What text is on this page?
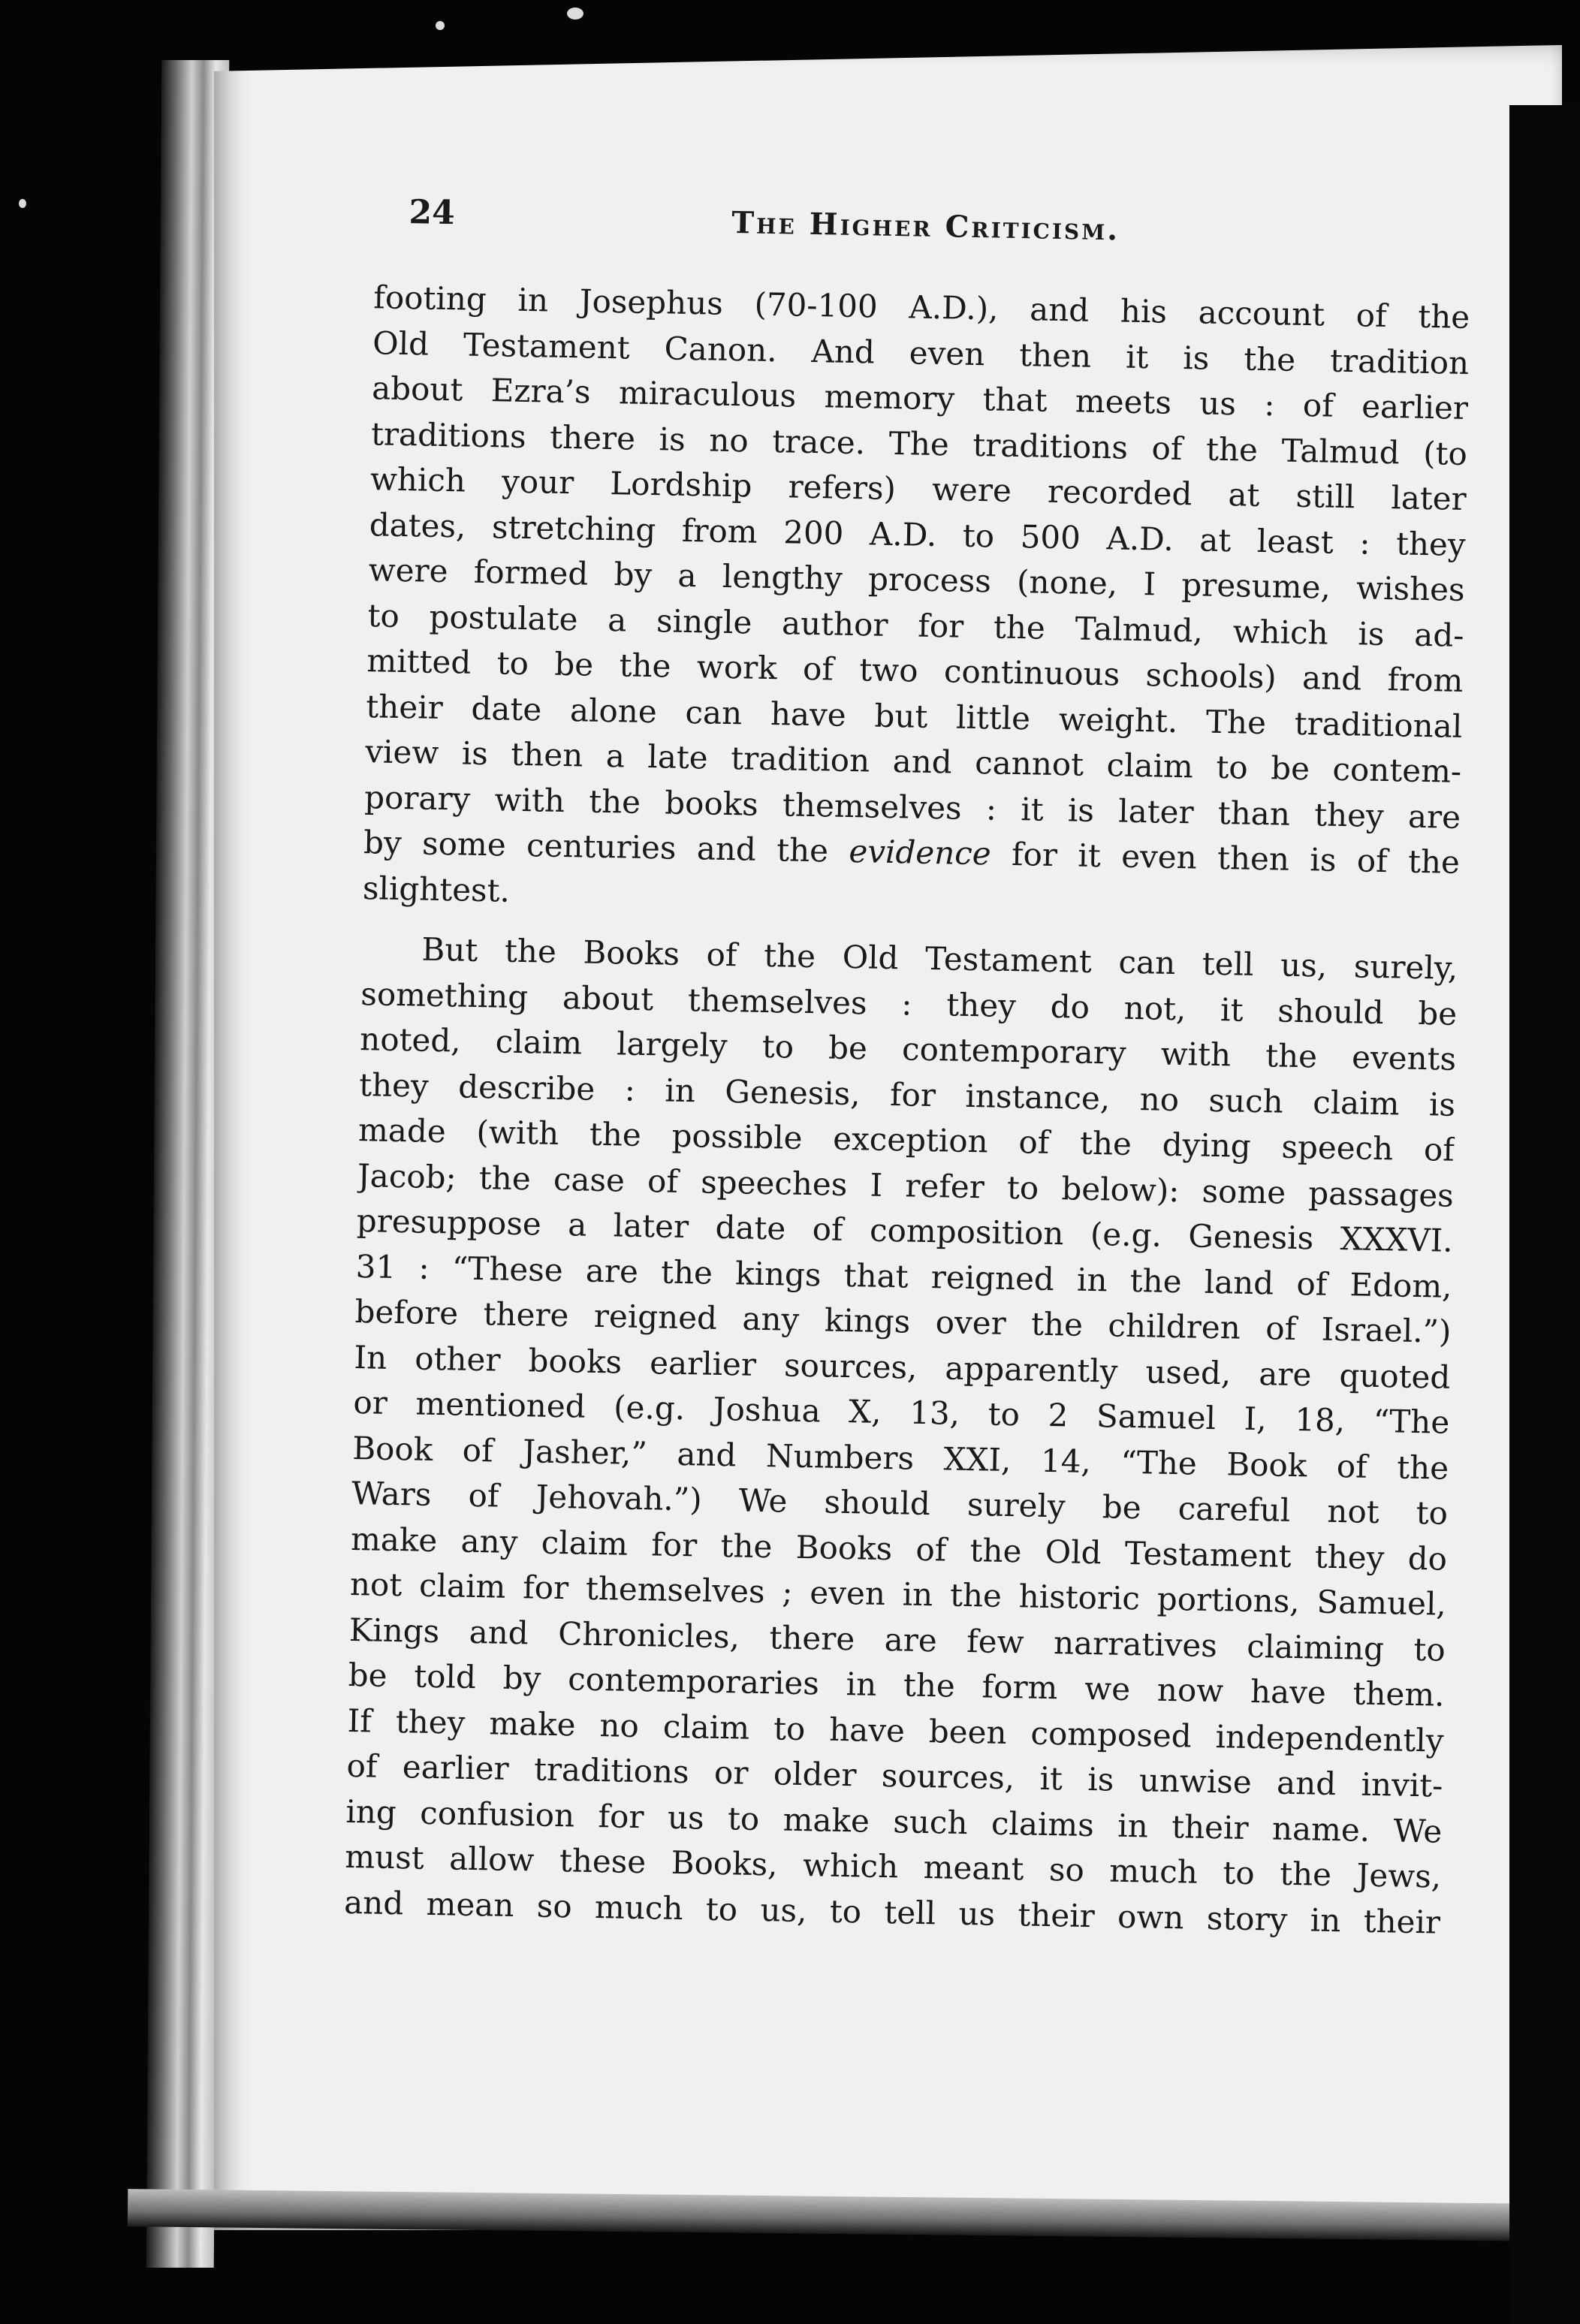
24	The Higher Criticism.

footing in Josephus (70-100 A.D.), and his account of the
Old Testament Canon. And even then it is the tradition
about Ezra’s miraculous memory that meets us : of earlier
traditions there is no trace. The traditions of the Talmud (to
which your Lordship refers) were recorded at still later
dates, stretching from 200 A.D. to 500 A.D. at least : they
were formed by a lengthy process (none, I presume, wishes
to postulate a single author for the Talmud, which is ad-
mitted to be the work of two continuous schools) and from
their date alone can have but little weight. The traditional
view is then a late tradition and cannot claim to be contem-
porary with the books themselves : it is later than they are
by some centuries and the evidence for it even then is of the
slightest.

But the Books of the Old Testament can tell us, surely,
something about themselves : they do not, it should be
noted, claim largely to be contemporary with the events
they describe : in Genesis, for instance, no such claim is
made (with the possible exception of the dying speech of
Jacob; the case of speeches I refer to below): some passages
presuppose a later date of composition (e.g. Genesis XXXVI.
31 : “These are the kings that reigned in the land of Edom,
before there reigned any kings over the children of Israel.”)
In other books earlier sources, apparently used, are quoted
or mentioned (e.g. Joshua X, 13, to 2 Samuel I, 18, “The
Book of Jasher,” and Numbers XXI, 14, “The Book of the
Wars of Jehovah.”) We should surely be careful not to
make any claim for the Books of the Old Testament they do
not claim for themselves ; even in the historic portions, Samuel,
Kings and Chronicles, there are few narratives claiming to
be told by contemporaries in the form we now have them.
If they make no claim to have been composed independently
of earlier traditions or older sources, it is unwise and invit-
ing confusion for us to make such claims in their name. We
must allow these Books, which meant so much to the Jews,
and mean so much to us, to tell us their own story in their
